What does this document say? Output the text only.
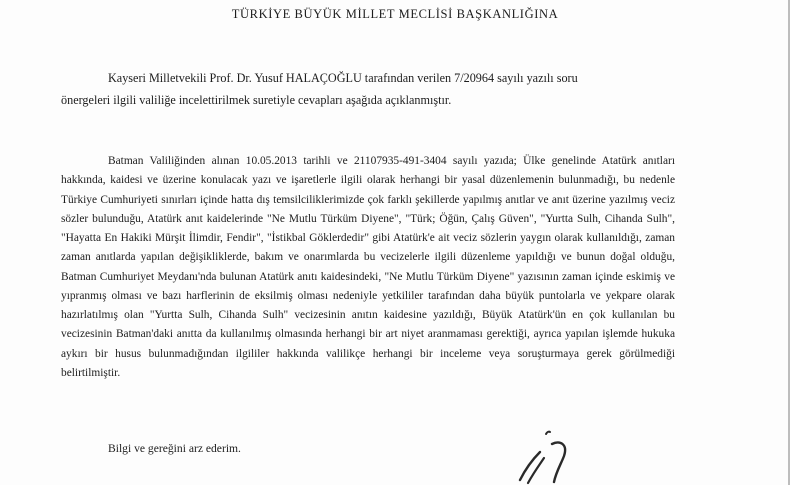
TÜRKİYE BÜYÜK MİLLET MECLİSİ BAŞKANLIĞINA
Kayseri Milletvekili Prof. Dr. Yusuf HALAÇOĞLU tarafından verilen 7/20964 sayılı yazılı soru
önergeleri ilgili valiliğe incelettirilmek suretiyle cevapları aşağıda açıklanmıştır.

Batman Valiliğinden alınan 10.05.2013 tarihli ve 21107935-491-3404 sayılı yazıda; Ülke genelinde Atatürk anıtları hakkında, kaidesi ve üzerine konulacak yazı ve işaretlerle ilgili olarak herhangi bir yasal düzenlemenin bulunmadığı, bu nedenle Türkiye Cumhuriyeti sınırları içinde hatta dış temsilciliklerimizde çok farklı şekillerde yapılmış anıtlar ve anıt üzerine yazılmış veciz sözler bulunduğu, Atatürk anıt kaidelerinde "Ne Mutlu Türküm Diyene", "Türk; Öğün, Çalış Güven", "Yurtta Sulh, Cihanda Sulh", "Hayatta En Hakiki Mürşit İlimdir, Fendir", "İstikbal Göklerdedir" gibi Atatürk'e ait veciz sözlerin yaygın olarak kullanıldığı, zaman zaman anıtlarda yapılan değişikliklerde, bakım ve onarımlarda bu vecizelerle ilgili düzenleme yapıldığı ve bunun doğal olduğu, Batman Cumhuriyet Meydanı'nda bulunan Atatürk anıtı kaidesindeki, "Ne Mutlu Türküm Diyene" yazısının zaman içinde eskimiş ve yıpranmış olması ve bazı harflerinin de eksilmiş olması nedeniyle yetkililer tarafından daha büyük puntolarla ve yekpare olarak hazırlatılmış olan "Yurtta Sulh, Cihanda Sulh" vecizesinin anıtın kaidesine yazıldığı, Büyük Atatürk'ün en çok kullanılan bu vecizesinin Batman'daki anıtta da kullanılmış olmasında herhangi bir art niyet aranmaması gerektiği, ayrıca yapılan işlemde hukuka aykırı bir husus bulunmadığından ilgililer hakkında valilikçe herhangi bir inceleme veya soruşturmaya gerek görülmediği belirtilmiştir.

Bilgi ve gereğini arz ederim.
